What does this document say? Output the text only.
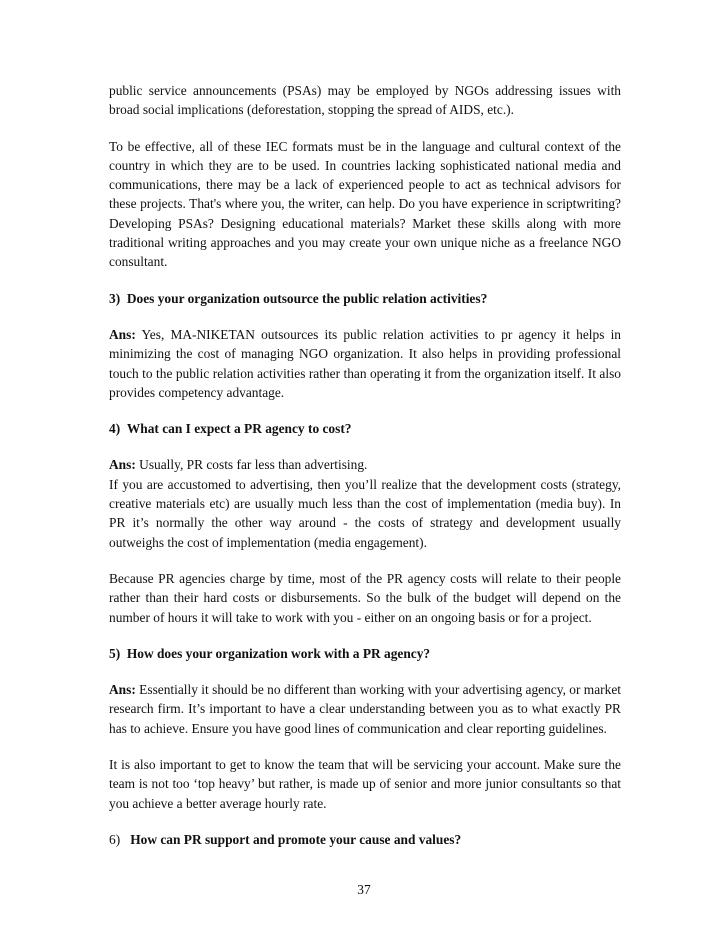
public service announcements (PSAs) may be employed by NGOs addressing issues with broad social implications (deforestation, stopping the spread of AIDS, etc.).

To be effective, all of these IEC formats must be in the language and cultural context of the country in which they are to be used. In countries lacking sophisticated national media and communications, there may be a lack of experienced people to act as technical advisors for these projects. That's where you, the writer, can help. Do you have experience in scriptwriting? Developing PSAs? Designing educational materials? Market these skills along with more traditional writing approaches and you may create your own unique niche as a freelance NGO consultant.

3) Does your organization outsource the public relation activities?

Ans: Yes, MA-NIKETAN outsources its public relation activities to pr agency it helps in minimizing the cost of managing NGO organization. It also helps in providing professional touch to the public relation activities rather than operating it from the organization itself. It also provides competency advantage.

4) What can I expect a PR agency to cost?

Ans: Usually, PR costs far less than advertising.

If you are accustomed to advertising, then you’ll realize that the development costs (strategy, creative materials etc) are usually much less than the cost of implementation (media buy). In PR it’s normally the other way around - the costs of strategy and development usually outweighs the cost of implementation (media engagement).

Because PR agencies charge by time, most of the PR agency costs will relate to their people rather than their hard costs or disbursements. So the bulk of the budget will depend on the number of hours it will take to work with you - either on an ongoing basis or for a project.

5) How does your organization work with a PR agency?

Ans: Essentially it should be no different than working with your advertising agency, or market research firm. It’s important to have a clear understanding between you as to what exactly PR has to achieve. Ensure you have good lines of communication and clear reporting guidelines.

It is also important to get to know the team that will be servicing your account. Make sure the team is not too ‘top heavy’ but rather, is made up of senior and more junior consultants so that you achieve a better average hourly rate.

6) How can PR support and promote your cause and values?

37
